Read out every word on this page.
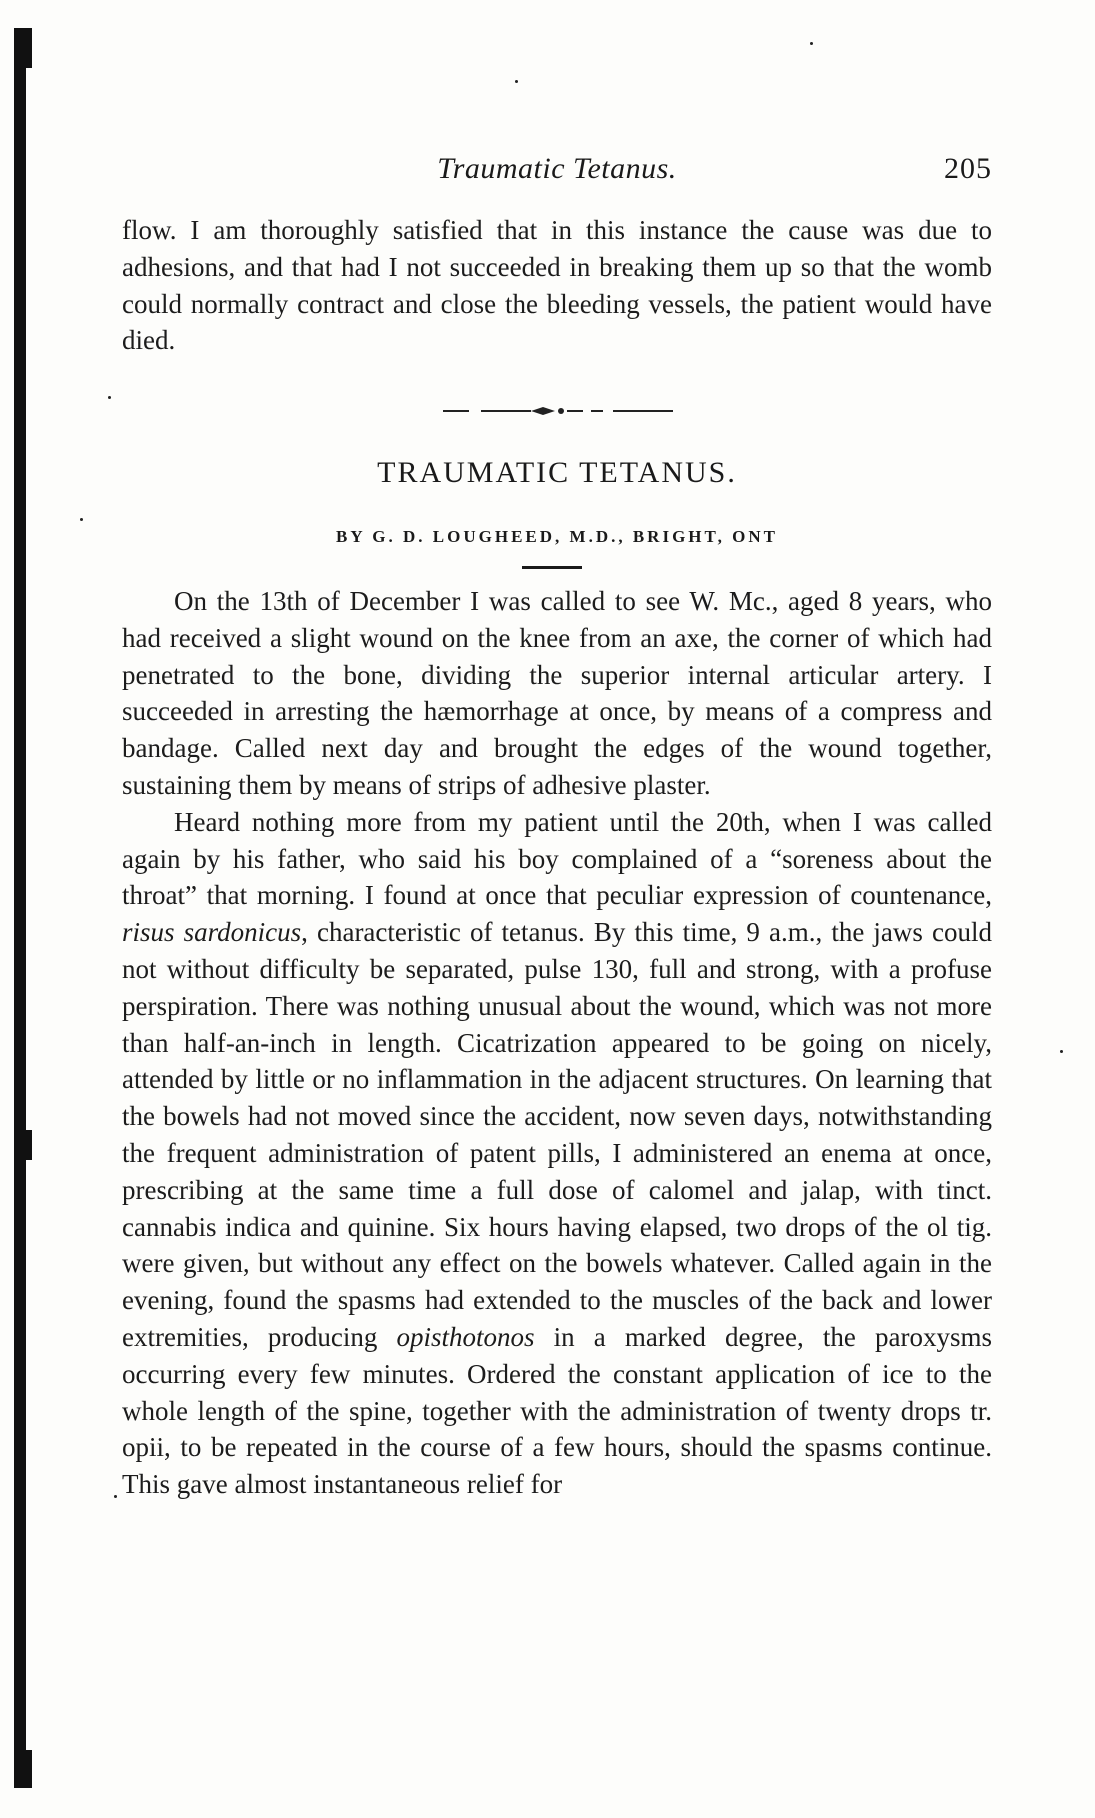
Traumatic Tetanus.	205

flow. I am thoroughly satisfied that in this instance the cause was due to adhesions, and that had I not succeeded in breaking them up so that the womb could normally contract and close the bleeding vessels, the patient would have died.

TRAUMATIC TETANUS.
BY G. D. LOUGHEED, M.D., BRIGHT, ONT

On the 13th of December I was called to see W. Mc., aged 8 years, who had received a slight wound on the knee from an axe, the corner of which had penetrated to the bone, dividing the superior internal articular artery. I succeeded in arresting the hæmorrhage at once, by means of a compress and bandage. Called next day and brought the edges of the wound together, sustaining them by means of strips of adhesive plaster.

Heard nothing more from my patient until the 20th, when I was called again by his father, who said his boy complained of a “soreness about the throat” that morning. I found at once that peculiar expression of countenance, risus sardonicus, characteristic of tetanus. By this time, 9 a.m., the jaws could not without difficulty be separated, pulse 130, full and strong, with a profuse perspiration. There was nothing unusual about the wound, which was not more than half-an-inch in length. Cicatrization appeared to be going on nicely, attended by little or no inflammation in the adjacent structures. On learning that the bowels had not moved since the accident, now seven days, notwithstanding the frequent administration of patent pills, I administered an enema at once, prescribing at the same time a full dose of calomel and jalap, with tinct. cannabis indica and quinine. Six hours having elapsed, two drops of the ol tig. were given, but without any effect on the bowels whatever. Called again in the evening, found the spasms had extended to the muscles of the back and lower extremities, producing opisthotonos in a marked degree, the paroxysms occurring every few minutes. Ordered the constant application of ice to the whole length of the spine, together with the administration of twenty drops tr. opii, to be repeated in the course of a few hours, should the spasms continue. This gave almost instantaneous relief for
